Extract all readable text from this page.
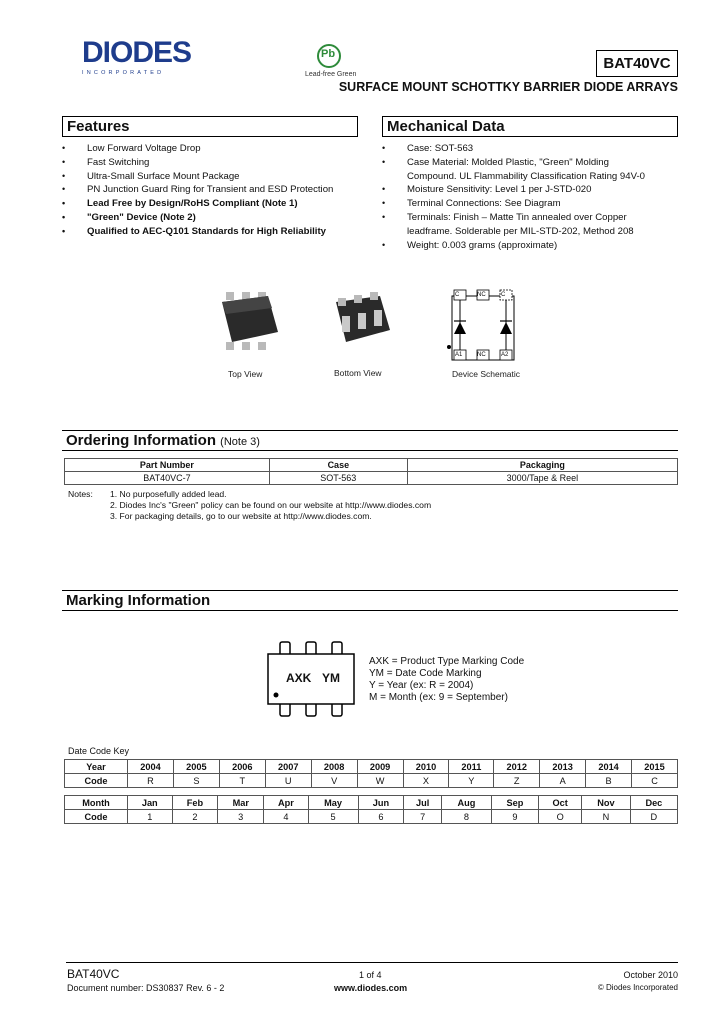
DIODES
INCORPORATED
Pb
Lead-free Green
BAT40VC
SURFACE MOUNT SCHOTTKY BARRIER DIODE ARRAYS
Features
• Low Forward Voltage Drop
• Fast Switching
• Ultra-Small Surface Mount Package
• PN Junction Guard Ring for Transient and ESD Protection
• Lead Free by Design/RoHS Compliant (Note 1)
• "Green" Device (Note 2)
• Qualified to AEC-Q101 Standards for High Reliability
Mechanical Data
• Case: SOT-563
• Case Material: Molded Plastic, "Green" Molding Compound. UL Flammability Classification Rating 94V-0
• Moisture Sensitivity: Level 1 per J-STD-020
• Terminal Connections: See Diagram
• Terminals: Finish – Matte Tin annealed over Copper leadframe. Solderable per MIL-STD-202, Method 208
• Weight: 0.003 grams (approximate)
Top View	Bottom View
C	NC	C
A1 NC	A2
Device Schematic
Ordering Information (Note 3)
Part Number	Case	Packaging
BAT40VC-7	SOT-563	3000/Tape & Reel
Notes: 1. No purposefully added lead.
2. Diodes Inc's "Green" policy can be found on our website at http://www.diodes.com
3. For packaging details, go to our website at http://www.diodes.com.
Marking Information
AXK YM
AXK = Product Type Marking Code
YM = Date Code Marking
Y = Year (ex: R = 2004)
M = Month (ex: 9 = September)
Date Code Key
Year	2004	2005	2006	2007	2008	2009	2010	2011	2012	2013	2014	2015
Code	R	S	T	U	V	W	X	Y	Z	A	B	C
Month	Jan	Feb	Mar	Apr	May	Jun	Jul	Aug	Sep	Oct	Nov	Dec
Code	1	2	3	4	5	6	7	8	9	O	N	D
BAT40VC
Document number: DS30837 Rev. 6 - 2
1 of 4
www.diodes.com
October 2010
© Diodes Incorporated
